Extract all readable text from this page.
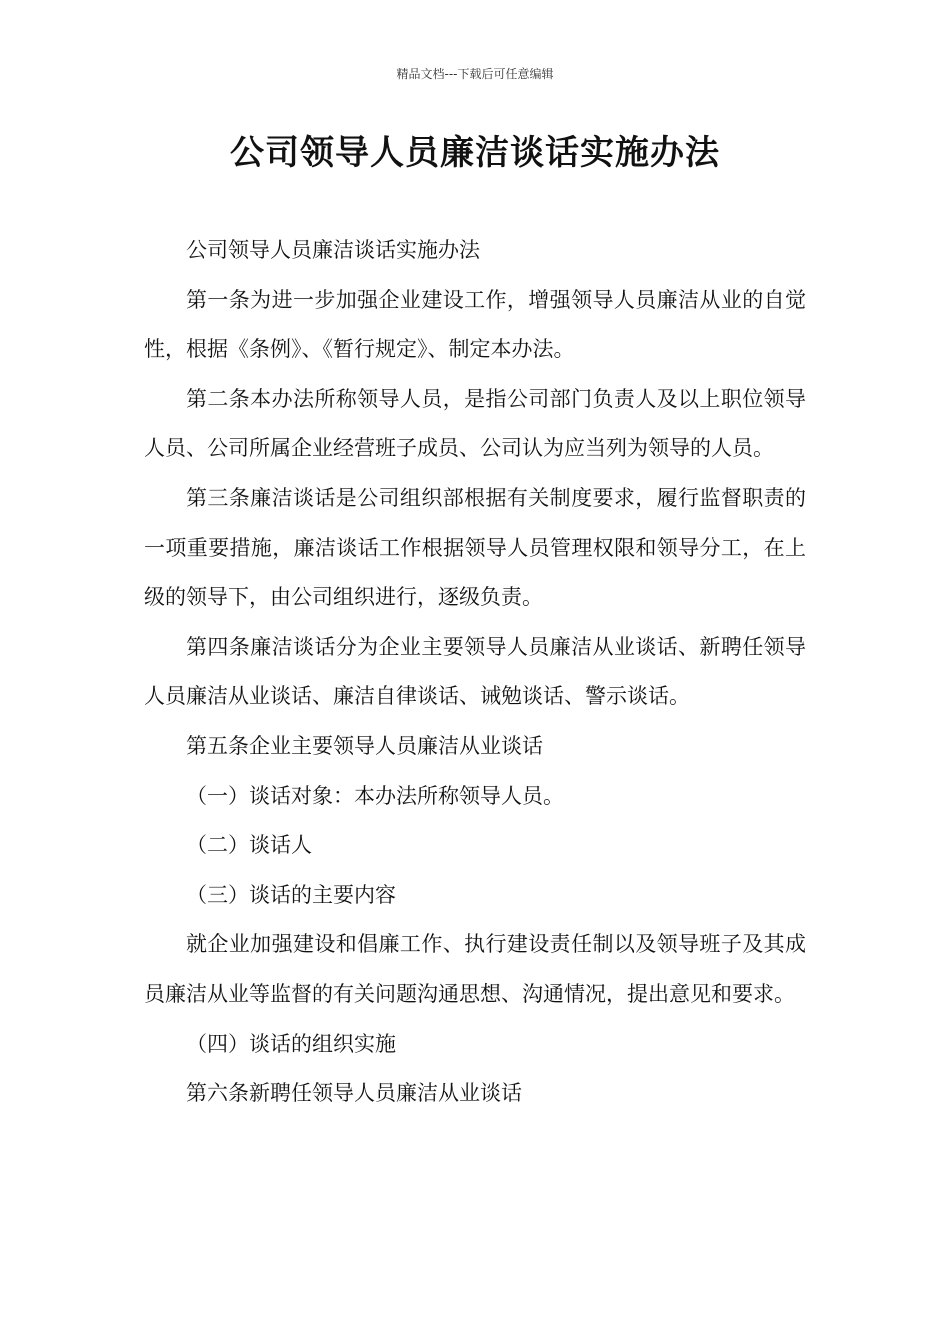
精品文档---下载后可任意编辑
公司领导人员廉洁谈话实施办法

公司领导人员廉洁谈话实施办法

第一条为进一步加强企业建设工作，增强领导人员廉洁从业的自觉性，根据《条例》、《暂行规定》、制定本办法。

第二条本办法所称领导人员，是指公司部门负责人及以上职位领导人员、公司所属企业经营班子成员、公司认为应当列为领导的人员。

第三条廉洁谈话是公司组织部根据有关制度要求，履行监督职责的一项重要措施，廉洁谈话工作根据领导人员管理权限和领导分工，在上级的领导下，由公司组织进行，逐级负责。

第四条廉洁谈话分为企业主要领导人员廉洁从业谈话、新聘任领导人员廉洁从业谈话、廉洁自律谈话、诫勉谈话、警示谈话。

第五条企业主要领导人员廉洁从业谈话

（一）谈话对象：本办法所称领导人员。

（二）谈话人

（三）谈话的主要内容

就企业加强建设和倡廉工作、执行建设责任制以及领导班子及其成员廉洁从业等监督的有关问题沟通思想、沟通情况，提出意见和要求。

（四）谈话的组织实施

第六条新聘任领导人员廉洁从业谈话
